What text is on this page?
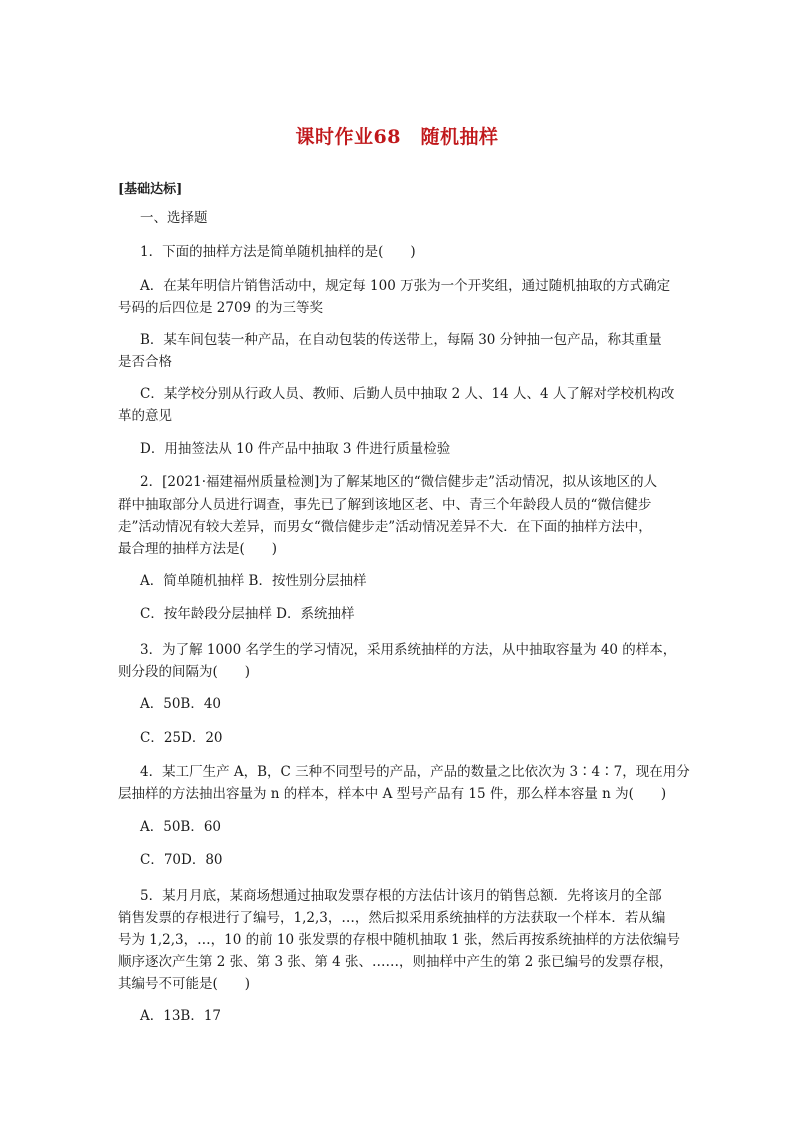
课时作业68　随机抽样
[基础达标]
一、选择题
1．下面的抽样方法是简单随机抽样的是(　　)
A．在某年明信片销售活动中，规定每 100 万张为一个开奖组，通过随机抽取的方式确定
号码的后四位是 2709 的为三等奖
B．某车间包装一种产品，在自动包装的传送带上，每隔 30 分钟抽一包产品，称其重量
是否合格
C．某学校分别从行政人员、教师、后勤人员中抽取 2 人、14 人、4 人了解对学校机构改
革的意见
D．用抽签法从 10 件产品中抽取 3 件进行质量检验
2．[2021·福建福州质量检测]为了解某地区的“微信健步走”活动情况，拟从该地区的人
群中抽取部分人员进行调查，事先已了解到该地区老、中、青三个年龄段人员的“微信健步
走”活动情况有较大差异，而男女“微信健步走”活动情况差异不大．在下面的抽样方法中，
最合理的抽样方法是(　　)
A．简单随机抽样 B．按性别分层抽样
C．按年龄段分层抽样 D．系统抽样
3．为了解 1000 名学生的学习情况，采用系统抽样的方法，从中抽取容量为 40 的样本，
则分段的间隔为(　　)
A．50B．40
C．25D．20
4．某工厂生产 A，B，C 三种不同型号的产品，产品的数量之比依次为 3∶4∶7，现在用分
层抽样的方法抽出容量为 n 的样本，样本中 A 型号产品有 15 件，那么样本容量 n 为(　　)
A．50B．60
C．70D．80
5．某月月底，某商场想通过抽取发票存根的方法估计该月的销售总额．先将该月的全部
销售发票的存根进行了编号，1,2,3，…，然后拟采用系统抽样的方法获取一个样本．若从编
号为 1,2,3，…，10 的前 10 张发票的存根中随机抽取 1 张，然后再按系统抽样的方法依编号
顺序逐次产生第 2 张、第 3 张、第 4 张、……，则抽样中产生的第 2 张已编号的发票存根，
其编号不可能是(　　)
A．13B．17
